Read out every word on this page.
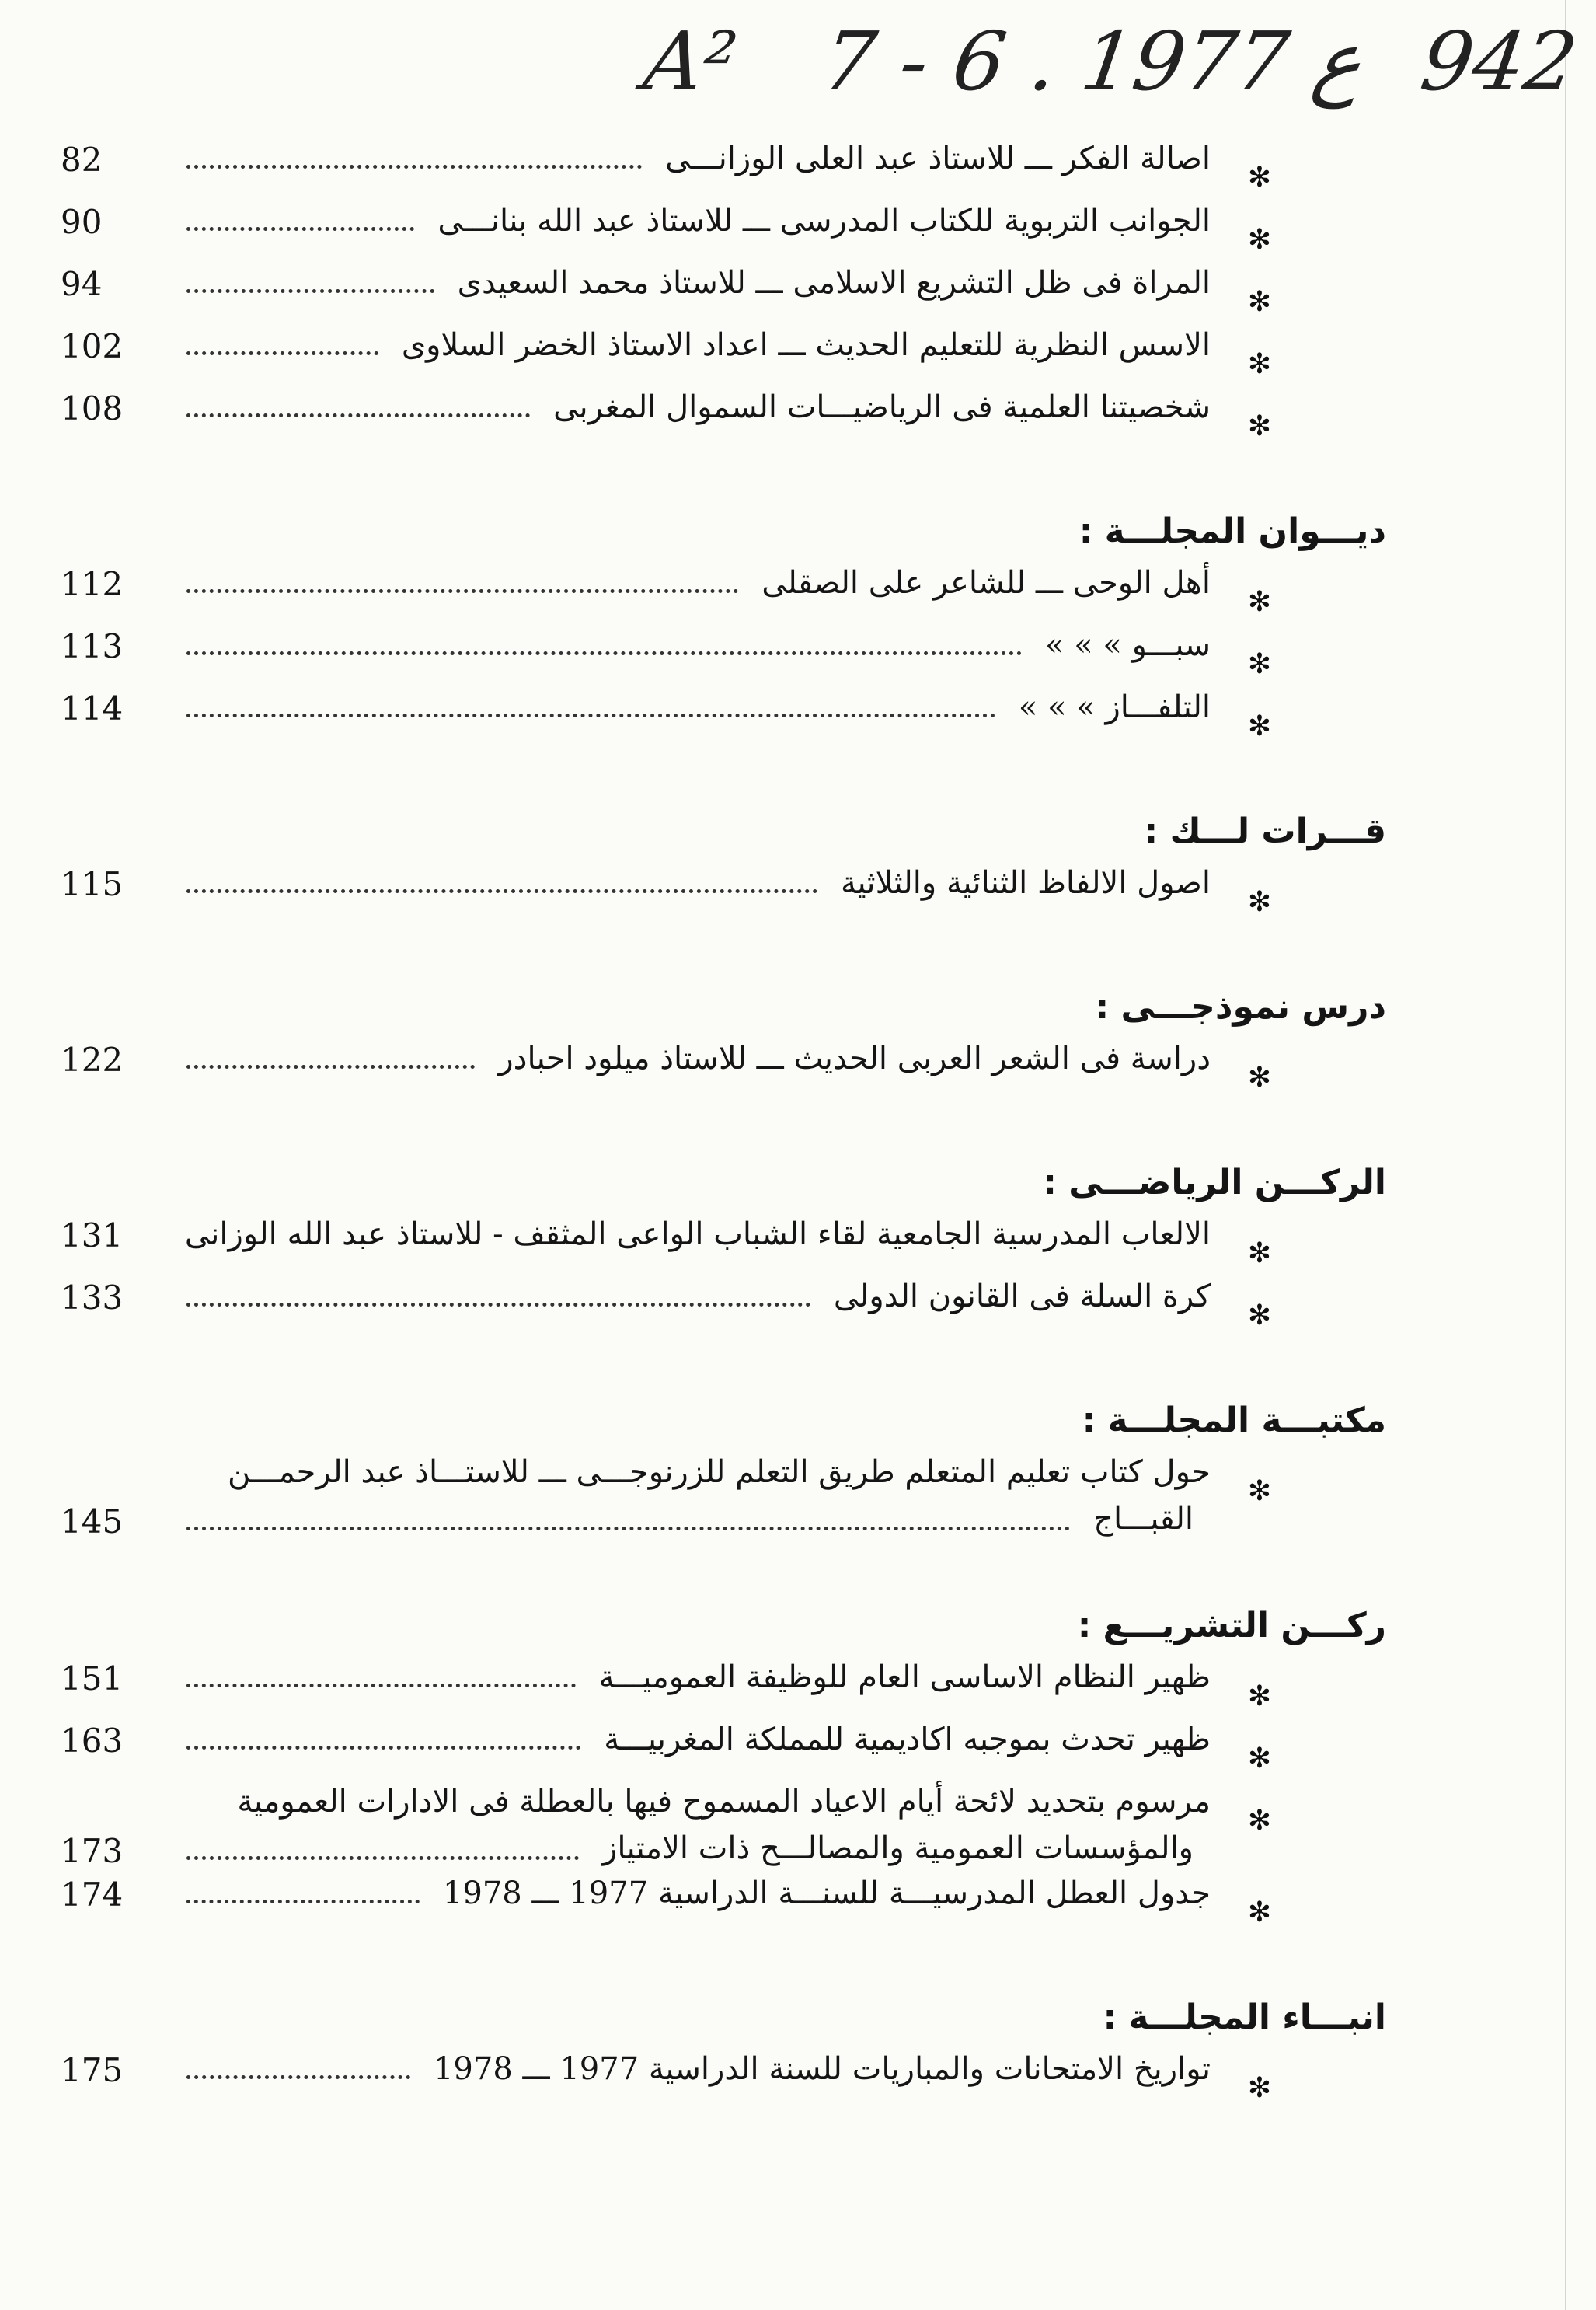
A² 7 - 6 . ع 1977 942
✻
اصالة الفكر ـــ للاستاذ عبد العلى الوزانـــى
82
✻
الجوانب التربوية للكتاب المدرسى ـــ للاستاذ عبد الله بنانـــى
90
✻
المراة فى ظل التشريع الاسلامى ـــ للاستاذ محمد السعيدى
94
✻
الاسس النظرية للتعليم الحديث ـــ اعداد الاستاذ الخضر السلاوى
102
✻
شخصيتنا العلمية فى الرياضيـــات السموال المغربى
108
ديـــوان المجلـــة :
✻
أهل الوحى ـــ للشاعر على الصقلى
112
✻
سبـــو » » »
113
✻
التلفـــاز » » »
114
قـــرات لـــك :
✻
اصول الالفاظ الثنائية والثلاثية
115
درس نموذجـــى :
✻
دراسة فى الشعر العربى الحديث ـــ للاستاذ ميلود احبادر
122
الركـــن الرياضـــى :
✻
الالعاب المدرسية الجامعية لقاء الشباب الواعى المثقف - للاستاذ عبد الله الوزانى
131
✻
كرة السلة فى القانون الدولى
133
مكتبـــة المجلـــة :
✻
حول كتاب تعليم المتعلم طريق التعلم للزرنوجـــى ـــ للاستـــاذ عبد الرحمـــن
القبـــاج
145
ركـــن التشريـــع :
✻
ظهير النظام الاساسى العام للوظيفة العموميـــة
151
✻
ظهير تحدث بموجبه اكاديمية للمملكة المغربيـــة
163
✻
مرسوم بتحديد لائحة أيام الاعياد المسموح فيها بالعطلة فى الادارات العمومية
والمؤسسات العمومية والمصالـــح ذات الامتياز
173
✻
جدول العطل المدرسيـــة للسنـــة الدراسية 1977 ـــ 1978
174
انبـــاء المجلـــة :
✻
تواريخ الامتحانات والمباريات للسنة الدراسية 1977 ـــ 1978
175
